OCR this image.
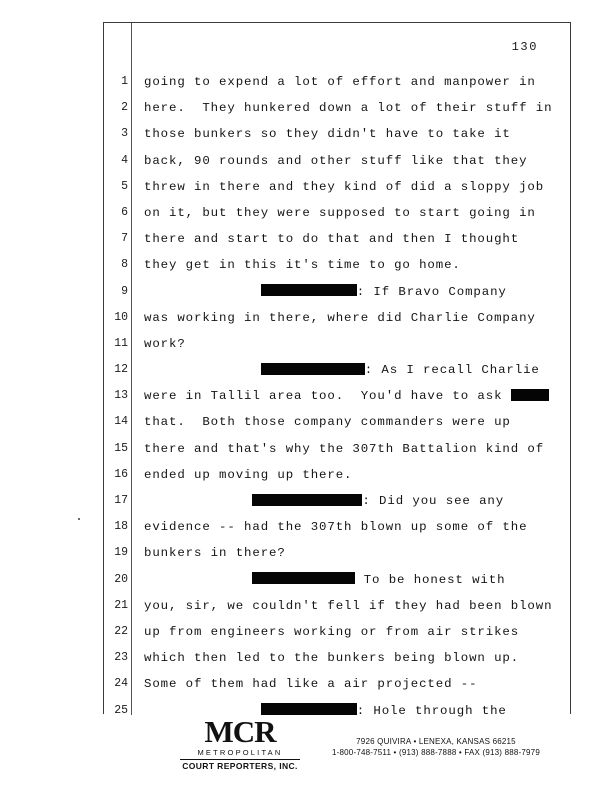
130
1 going to expend a lot of effort and manpower in
2 here.  They hunkered down a lot of their stuff in
3 those bunkers so they didn't have to take it
4 back, 90 rounds and other stuff like that they
5 threw in there and they kind of did a sloppy job
6 on it, but they were supposed to start going in
7 there and start to do that and then I thought
8 they get in this it's time to go home.
9	: If Bravo Company
10 was working in there, where did Charlie Company
11 work?
12	: As I recall Charlie
13 were in Tallil area too.  You'd have to ask
14 that.  Both those company commanders were up
15 there and that's why the 307th Battalion kind of
16 ended up moving up there.
17	: Did you see any
18 evidence -- had the 307th blown up some of the
19 bunkers in there?
20	To be honest with
21 you, sir, we couldn't fell if they had been blown
22 up from engineers working or from air strikes
23 which then led to the bunkers being blown up.
24 Some of them had like a air projected --
25	: Hole through the
MCR
METROPOLITAN
COURT REPORTERS, INC.
7926 QUIVIRA • LENEXA, KANSAS 66215
1-800-748-7511 • (913) 888-7888 • FAX (913) 888-7979
